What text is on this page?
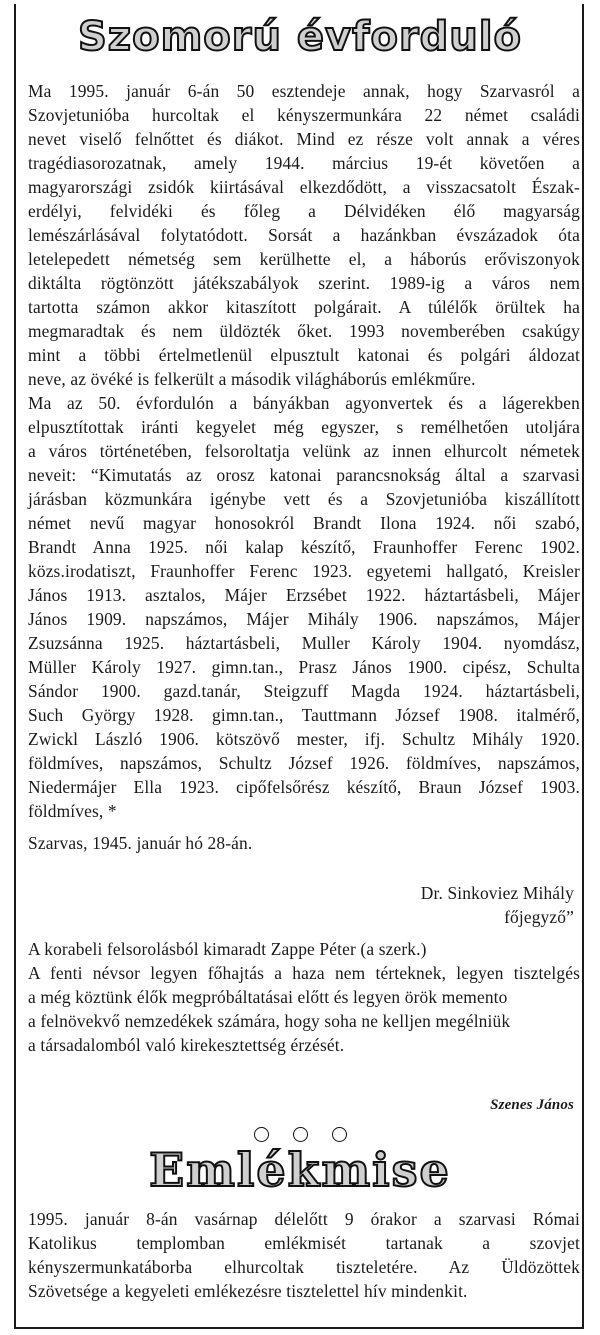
Szomorú évforduló
Ma 1995. január 6-án 50 esztendeje annak, hogy Szarvasról a
Szovjetunióba hurcoltak el kényszermunkára 22 német családi
nevet viselő felnőttet és diákot. Mind ez része volt annak a véres
tragédiasorozatnak, amely 1944. március 19-ét követően a
magyarországi zsidók kiirtásával elkezdődött, a visszacsatolt Észak-
erdélyi, felvidéki és főleg a Délvidéken élő magyarság
lemészárlásával folytatódott. Sorsát a hazánkban évszázadok óta
letelepedett németség sem kerülhette el, a háborús erőviszonyok
diktálta rögtönzött játékszabályok szerint. 1989-ig a város nem
tartotta számon akkor kitaszított polgárait. A túlélők örültek ha
megmaradtak és nem üldözték őket. 1993 novemberében csakúgy
mint a többi értelmetlenül elpusztult katonai és polgári áldozat
neve, az övéké is felkerült a második világháborús emlékműre.
Ma az 50. évfordulón a bányákban agyonvertek és a lágerekben
elpusztítottak iránti kegyelet még egyszer, s remélhetően utoljára
a város történetében, felsoroltatja velünk az innen elhurcolt németek
neveit: “Kimutatás az orosz katonai parancsnokság által a szarvasi
járásban közmunkára igénybe vett és a Szovjetunióba kiszállított
német nevű magyar honosokról Brandt Ilona 1924. női szabó,
Brandt Anna 1925. női kalap készítő, Fraunhoffer Ferenc 1902.
közs.irodatiszt, Fraunhoffer Ferenc 1923. egyetemi hallgató, Kreisler
János 1913. asztalos, Májer Erzsébet 1922. háztartásbeli, Májer
János 1909. napszámos, Májer Mihály 1906. napszámos, Májer
Zsuzsánna 1925. háztartásbeli, Muller Károly 1904. nyomdász,
Müller Károly 1927. gimn.tan., Prasz János 1900. cipész, Schulta
Sándor 1900. gazd.tanár, Steigzuff Magda 1924. háztartásbeli,
Such György 1928. gimn.tan., Tauttmann József 1908. italmérő,
Zwickl László 1906. kötszövő mester, ifj. Schultz Mihály 1920.
földmíves, napszámos, Schultz József 1926. földmíves, napszámos,
Niedermájer Ella 1923. cipőfelsőrész készítő, Braun József 1903.
földmíves, *
Szarvas, 1945. január hó 28-án.
Dr. Sinkoviez Mihály
főjegyző”
A korabeli felsorolásból kimaradt Zappe Péter (a szerk.)
A fenti névsor legyen főhajtás a haza nem térteknek, legyen tisztelgés
a még köztünk élők megpróbáltatásai előtt és legyen örök memento
a felnövekvő nemzedékek számára, hogy soha ne kelljen megélniük
a társadalomból való kirekesztettség érzését.
Szenes János
Emlékmise
1995. január 8-án vasárnap délelőtt 9 órakor a szarvasi Római
Katolikus templomban emlékmisét tartanak a szovjet
kényszermunkatáborba elhurcoltak tiszteletére. Az Üldözöttek
Szövetsége a kegyeleti emlékezésre tisztelettel hív mindenkit.
